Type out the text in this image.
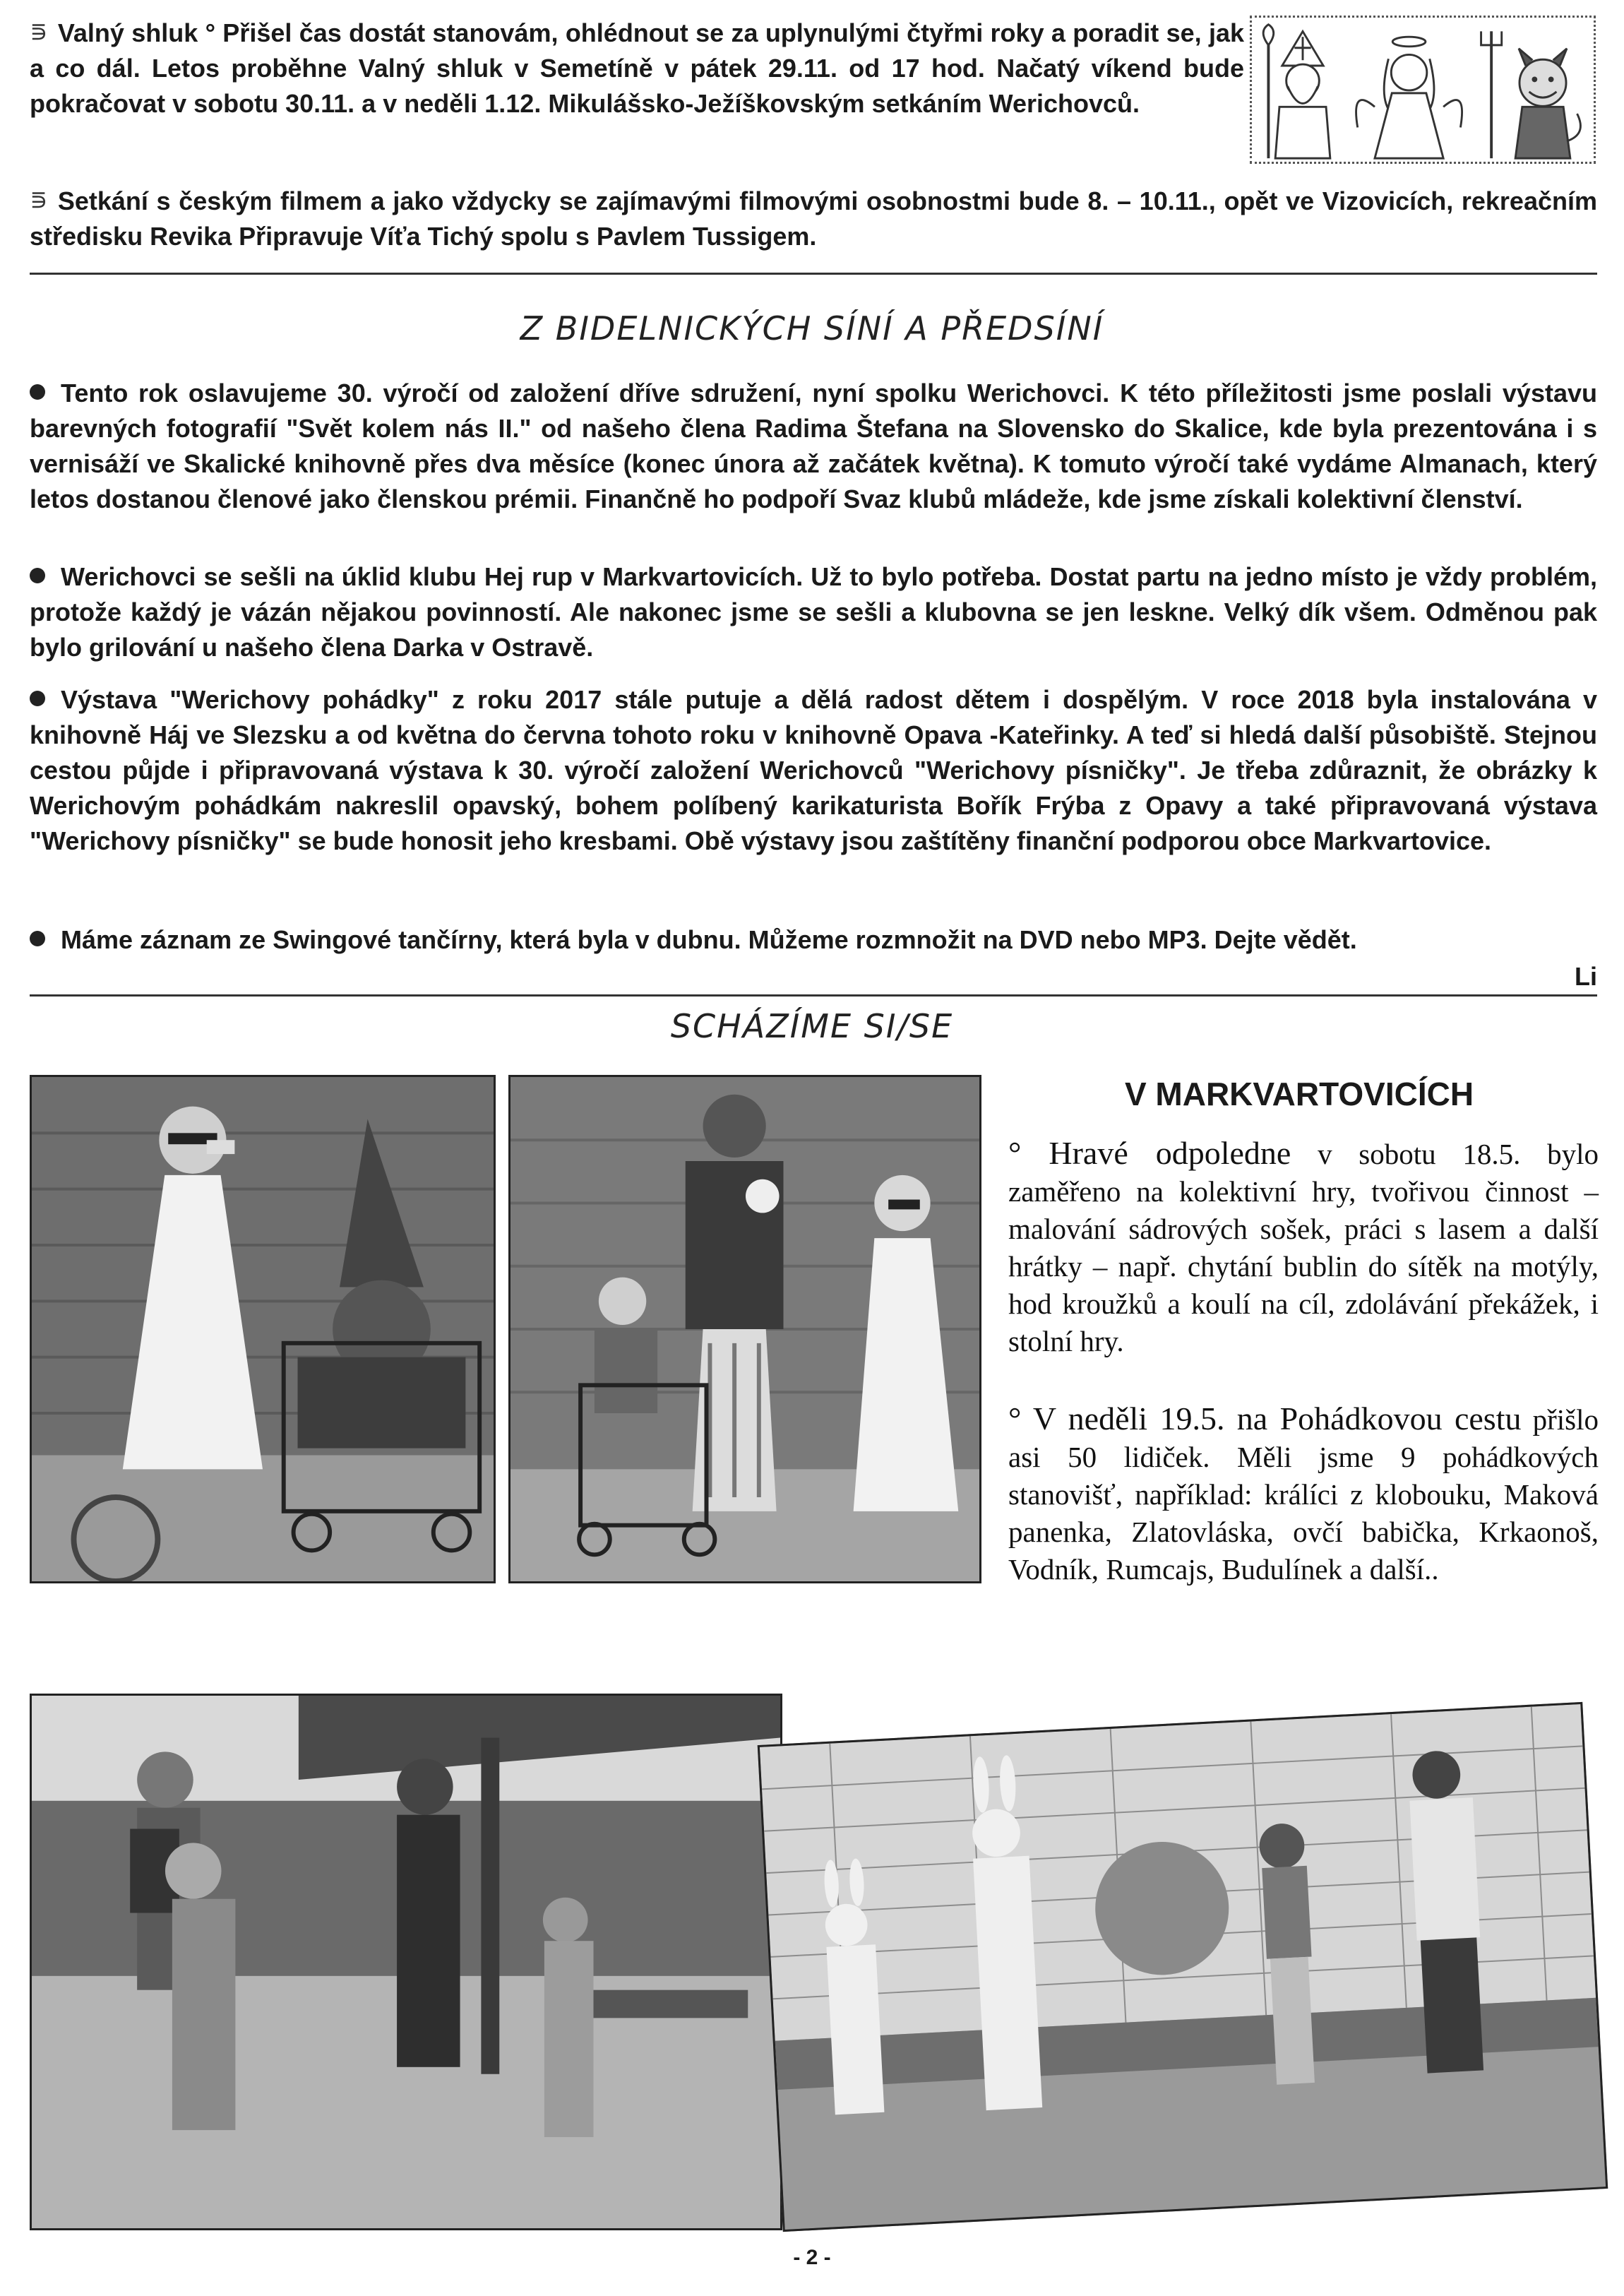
⋾ Valný shluk ° Přišel čas dostát stanovám, ohlédnout se za uplynulými čtyřmi roky a poradit se, jak a co dál. Letos proběhne Valný shluk v Semetíně v pátek 29.11. od 17 hod. Načatý víkend bude pokračovat v sobotu 30.11. a v neděli 1.12. Mikulášsko-Ježíškovským setkáním Werichovců.
⋾ Setkání s českým filmem a jako vždycky se zajímavými filmovými osobnostmi bude 8. – 10.11., opět ve Vizovicích, rekreačním středisku Revika Připravuje Víťa Tichý spolu s Pavlem Tussigem.
Z BIDELNICKÝCH SÍNÍ A PŘEDSÍNÍ
Tento rok oslavujeme 30. výročí od založení dříve sdružení, nyní spolku Werichovci. K této příležitosti jsme poslali výstavu barevných fotografií "Svět kolem nás II." od našeho člena Radima Štefana na Slovensko do Skalice, kde byla prezentována i s vernisáží ve Skalické knihovně přes dva měsíce (konec února až začátek května). K tomuto výročí také vydáme Almanach, který letos dostanou členové jako členskou prémii. Finančně ho podpoří Svaz klubů mládeže, kde jsme získali kolektivní členství.
Werichovci se sešli na úklid klubu Hej rup v Markvartovicích. Už to bylo potřeba. Dostat partu na jedno místo je vždy problém, protože každý je vázán nějakou povinností. Ale nakonec jsme se sešli a klubovna se jen leskne. Velký dík všem. Odměnou pak bylo grilování u našeho člena Darka v Ostravě.
Výstava "Werichovy pohádky" z roku 2017 stále putuje a dělá radost dětem i dospělým. V roce 2018 byla instalována v knihovně Háj ve Slezsku a od května do června tohoto roku v knihovně Opava -Kateřinky. A teď si hledá další působiště. Stejnou cestou půjde i připravovaná výstava k 30. výročí založení Werichovců "Werichovy písničky". Je třeba zdůraznit, že obrázky k Werichovým pohádkám nakreslil opavský, bohem políbený karikaturista Bořík Frýba z Opavy a také připravovaná výstava "Werichovy písničky" se bude honosit jeho kresbami. Obě výstavy jsou zaštítěny finanční podporou obce Markvartovice.
Máme záznam ze Swingové tančírny, která byla v dubnu. Můžeme rozmnožit na DVD nebo MP3. Dejte vědět.
Li
SCHÁZÍME SI/SE
V MARKVARTOVICÍCH
° Hravé odpoledne v sobotu 18.5. bylo zaměřeno na kolektivní hry, tvořivou činnost – malování sádrových sošek, práci s lasem a další hrátky – např. chytání bublin do sítěk na motýly, hod kroužků a koulí na cíl, zdolávání překážek, i stolní hry.
° V neděli 19.5. na Pohádkovou cestu přišlo asi 50 lidiček. Měli jsme 9 pohádkových stanovišť, například: králíci z klobouku, Maková panenka, Zlatovláska, ovčí babička, Krkaonoš, Vodník, Rumcajs, Budulínek a další..
- 2 -
